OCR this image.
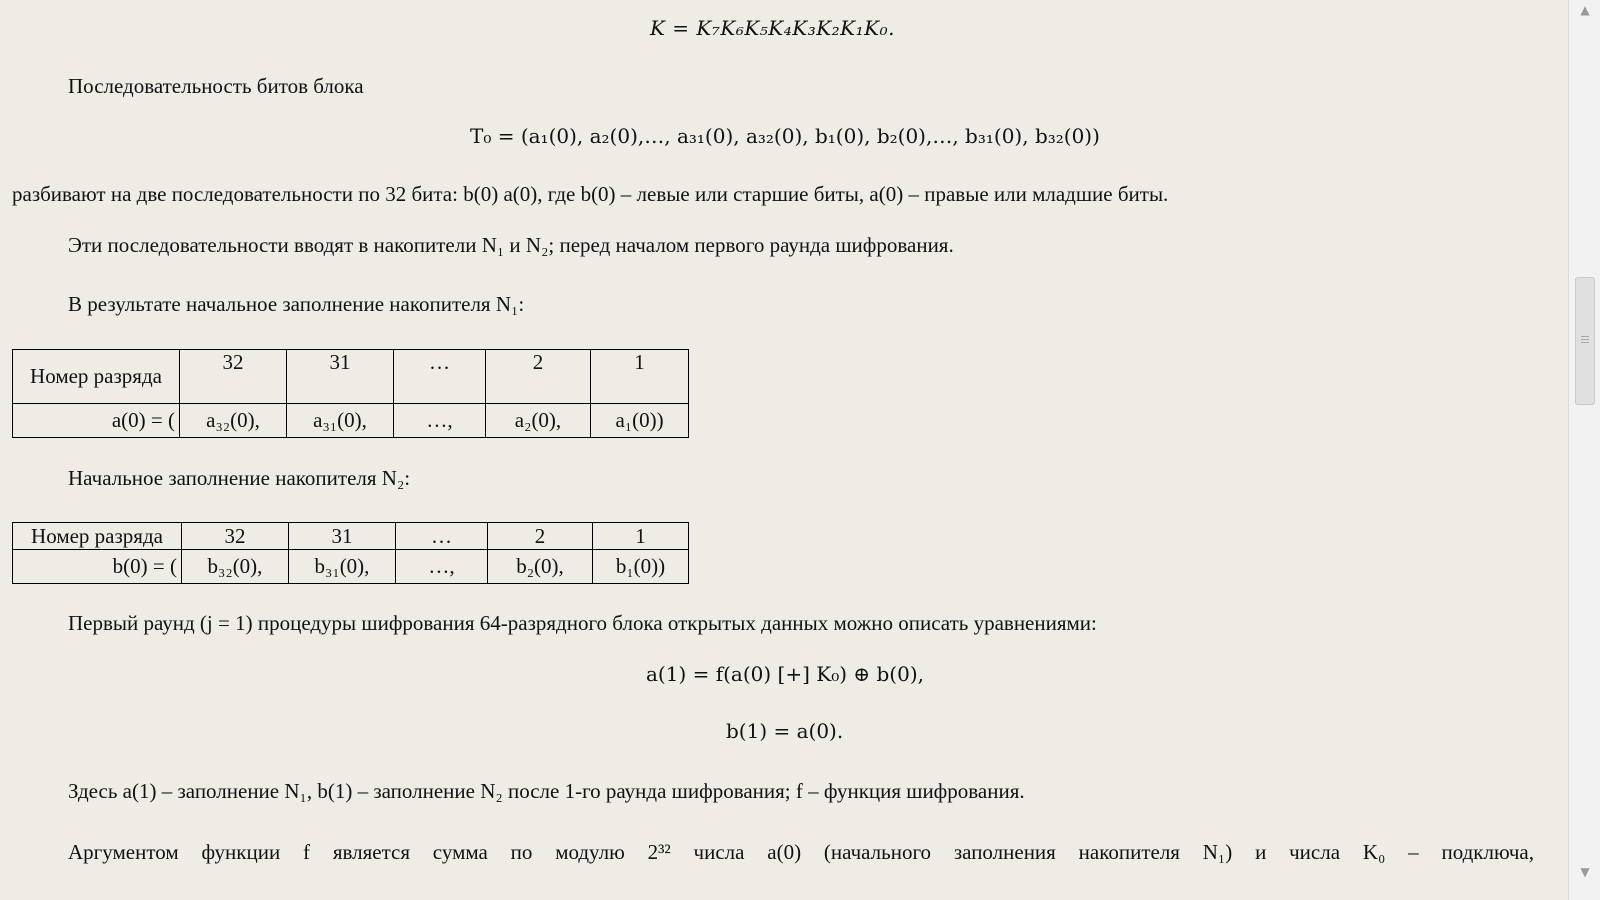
K = K₇K₆K₅K₄K₃K₂K₁K₀.
Последовательность битов блока
T₀ = (a₁(0), a₂(0),…, a₃₁(0), a₃₂(0), b₁(0), b₂(0),…, b₃₁(0), b₃₂(0))
разбивают на две последовательности по 32 бита: b(0) a(0), где b(0) – левые или старшие биты, a(0) – правые или младшие биты.
Эти последовательности вводят в накопители N₁ и N₂; перед началом первого раунда шифрования.
В результате начальное заполнение накопителя N₁:
Номер разряда	32	31	…	2	1
a(0) = (	a₃₂(0),	a₃₁(0),	…,	a₂(0),	a₁(0))
Начальное заполнение накопителя N₂:
Номер разряда	32	31	…	2	1
b(0) = (	b₃₂(0),	b₃₁(0),	…,	b₂(0),	b₁(0))
Первый раунд (j = 1) процедуры шифрования 64-разрядного блока открытых данных можно описать уравнениями:
a(1) = f(a(0) [+] K₀) ⊕ b(0),
b(1) = a(0).
Здесь a(1) – заполнение N₁, b(1) – заполнение N₂ после 1-го раунда шифрования; f – функция шифрования.
Аргументом функции f является сумма по модулю 2³² числа a(0) (начального заполнения накопителя N₁) и числа K₀ – подключа,
▲
▼
